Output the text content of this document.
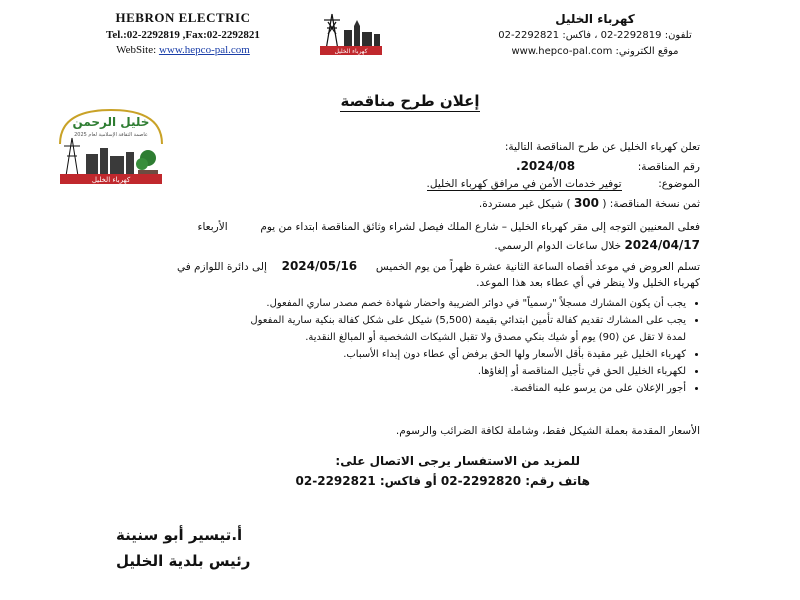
HEBRON ELECTRIC
Tel.:02-2292819 ,Fax:02-2292821
WebSite: www.hepco-pal.com	كهرباء الخليل
كهرباء الخليل
تلفون: 2292819-02 ، فاكس: 2292821-02
موقع الكتروني: www.hepco-pal.com
خليل الرحمن
عاصمة الثقافة الإسلامية لعام 2025
كهرباء الخليل
إعلان طرح مناقصة
تعلن كهرباء الخليل عن طرح المناقصة التالية:
رقم المناقصة:  2024/08.
الموضوع:  توفير خدمات الأمن في مرافق كهرباء الخليل.
ثمن نسخة المناقصة: ( 300 ) شيكل غير مستردة.
فعلى المعنيين التوجه إلى مقر كهرباء الخليل – شارع الملك فيصل لشراء وثائق المناقصة ابتداء من يوم  الأربعاء
2024/04/17 خلال ساعات الدوام الرسمي.
تسلم العروض في موعد أقصاه الساعة الثانية عشرة ظهراً من يوم الخميس  2024/05/16  إلى دائرة اللوازم في
كهرباء الخليل ولا ينظر في أي عطاء بعد هذا الموعد.
• يجب أن يكون المشارك مسجلاً "رسمياً" في دوائر الضريبة واحضار شهادة خصم مصدر ساري المفعول.
• يجب على المشارك تقديم كفالة تأمين ابتدائي بقيمة (5,500) شيكل على شكل كفالة بنكية سارية المفعول
لمدة لا تقل عن (90) يوم أو شيك بنكي مصدق ولا تقبل الشيكات الشخصية أو المبالغ النقدية.
• كهرباء الخليل غير مقيدة بأقل الأسعار ولها الحق برفض أي عطاء دون إبداء الأسباب.
• لكهرباء الخليل الحق في تأجيل المناقصة أو إلغاؤها.
• أجور الإعلان على من يرسو عليه المناقصة.
الأسعار المقدمة بعملة الشيكل فقط، وشاملة لكافة الضرائب والرسوم.
للمزيد من الاستفسار يرجى الاتصال على:
هاتف رقم: 2292820-02 أو فاكس: 2292821-02
أ.تيسير أبو سنينة
رئيس بلدية الخليل
